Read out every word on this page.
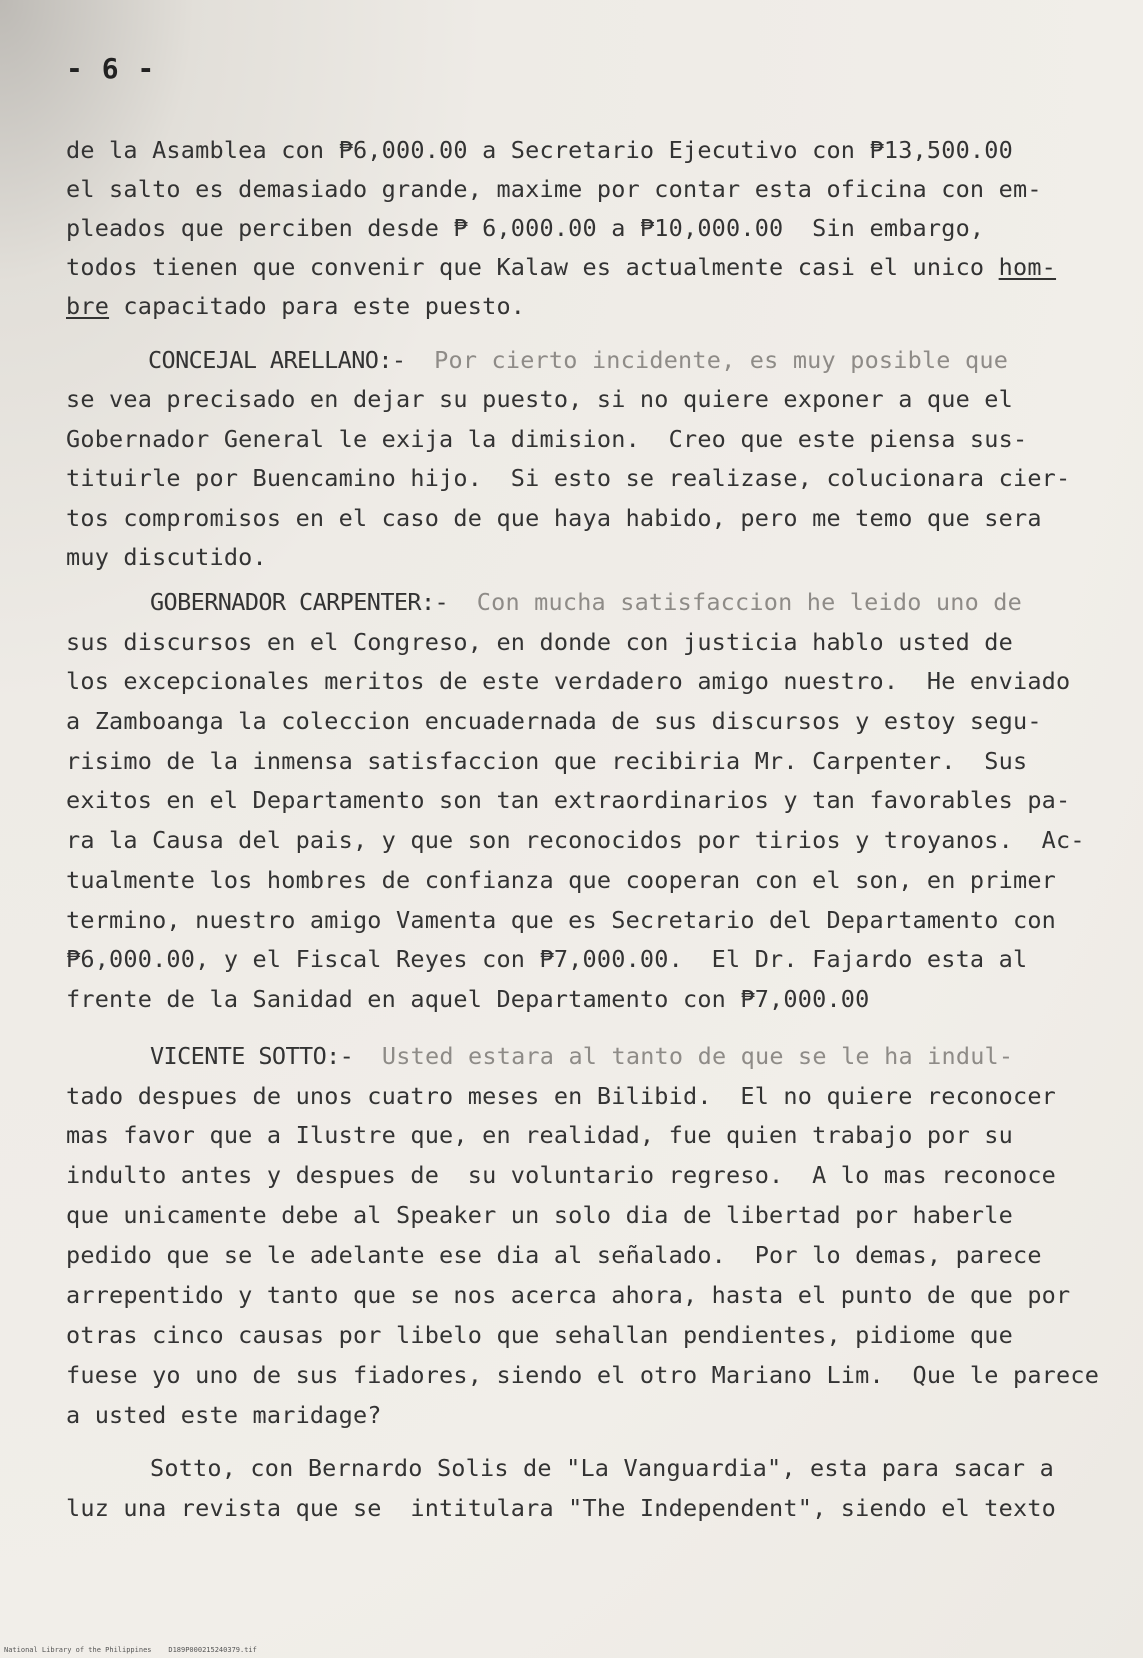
- 6 -

de la Asamblea con ₱6,000.00 a Secretario Ejecutivo con ₱13,500.00

el salto es demasiado grande, maxime por contar esta oficina con em-

pleados que perciben desde ₱ 6,000.00 a ₱10,000.00  Sin embargo,

todos tienen que convenir que Kalaw es actualmente casi el unico hom-

bre capacitado para este puesto.

CONCEJAL ARELLANO:-  Por cierto incidente, es muy posible que

se vea precisado en dejar su puesto, si no quiere exponer a que el

Gobernador General le exija la dimision.  Creo que este piensa sus-

tituirle por Buencamino hijo.  Si esto se realizase, colucionara cier-

tos compromisos en el caso de que haya habido, pero me temo que sera

muy discutido.

GOBERNADOR CARPENTER:-  Con mucha satisfaccion he leido uno de

sus discursos en el Congreso, en donde con justicia hablo usted de

los excepcionales meritos de este verdadero amigo nuestro.  He enviado

a Zamboanga la coleccion encuadernada de sus discursos y estoy segu-

risimo de la inmensa satisfaccion que recibiria Mr. Carpenter.  Sus

exitos en el Departamento son tan extraordinarios y tan favorables pa-

ra la Causa del pais, y que son reconocidos por tirios y troyanos.  Ac-

tualmente los hombres de confianza que cooperan con el son, en primer

termino, nuestro amigo Vamenta que es Secretario del Departamento con

₱6,000.00, y el Fiscal Reyes con ₱7,000.00.  El Dr. Fajardo esta al

frente de la Sanidad en aquel Departamento con ₱7,000.00

VICENTE SOTTO:-  Usted estara al tanto de que se le ha indul-

tado despues de unos cuatro meses en Bilibid.  El no quiere reconocer

mas favor que a Ilustre que, en realidad, fue quien trabajo por su

indulto antes y despues de  su voluntario regreso.  A lo mas reconoce

que unicamente debe al Speaker un solo dia de libertad por haberle

pedido que se le adelante ese dia al señalado.  Por lo demas, parece

arrepentido y tanto que se nos acerca ahora, hasta el punto de que por

otras cinco causas por libelo que sehallan pendientes, pidiome que

fuese yo uno de sus fiadores, siendo el otro Mariano Lim.  Que le parece

a usted este maridage?

Sotto, con Bernardo Solis de "La Vanguardia", esta para sacar a

luz una revista que se  intitulara "The Independent", siendo el texto

National Library of the Philippines    D189P000215240379.tif
